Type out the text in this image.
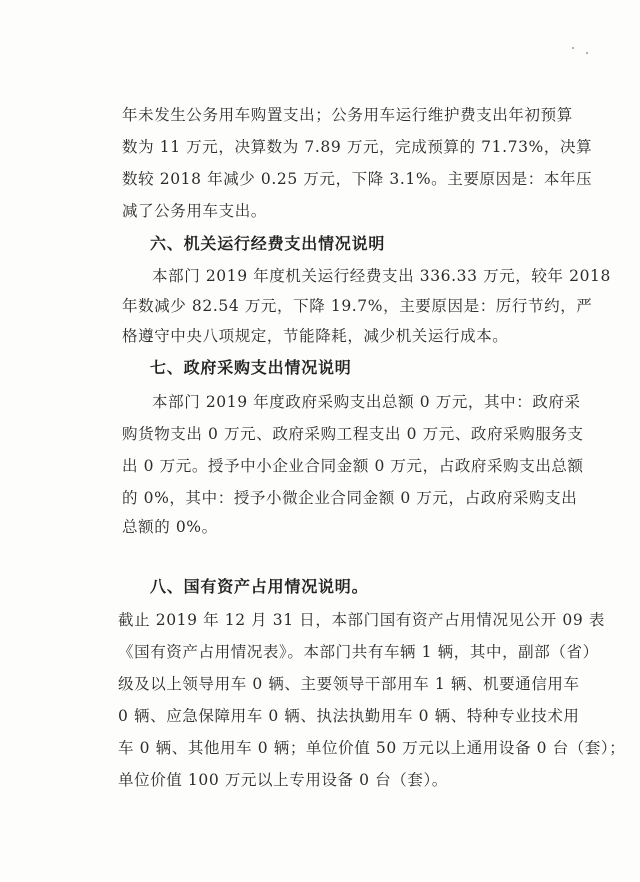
年未发生公务用车购置支出；公务用车运行维护费支出年初预算
数为 11 万元，决算数为 7.89 万元，完成预算的 71.73%，决算
数较 2018 年减少 0.25 万元，下降 3.1%。主要原因是：本年压
减了公务用车支出。
六、机关运行经费支出情况说明
本部门 2019 年度机关运行经费支出 336.33 万元，较年 2018
年数减少 82.54 万元，下降 19.7%，主要原因是：厉行节约，严
格遵守中央八项规定，节能降耗，减少机关运行成本。
七、政府采购支出情况说明
本部门 2019 年度政府采购支出总额 0 万元，其中：政府采
购货物支出 0 万元、政府采购工程支出 0 万元、政府采购服务支
出 0 万元。授予中小企业合同金额 0 万元，占政府采购支出总额
的 0%，其中：授予小微企业合同金额 0 万元，占政府采购支出
总额的 0%。
八、国有资产占用情况说明。
截止 2019 年 12 月 31 日，本部门国有资产占用情况见公开 09 表
《国有资产占用情况表》。本部门共有车辆 1 辆，其中，副部（省）
级及以上领导用车 0 辆、主要领导干部用车 1 辆、机要通信用车
0 辆、应急保障用车 0 辆、执法执勤用车 0 辆、特种专业技术用
车 0 辆、其他用车 0 辆；单位价值 50 万元以上通用设备 0 台（套）；
单位价值 100 万元以上专用设备 0 台（套）。
